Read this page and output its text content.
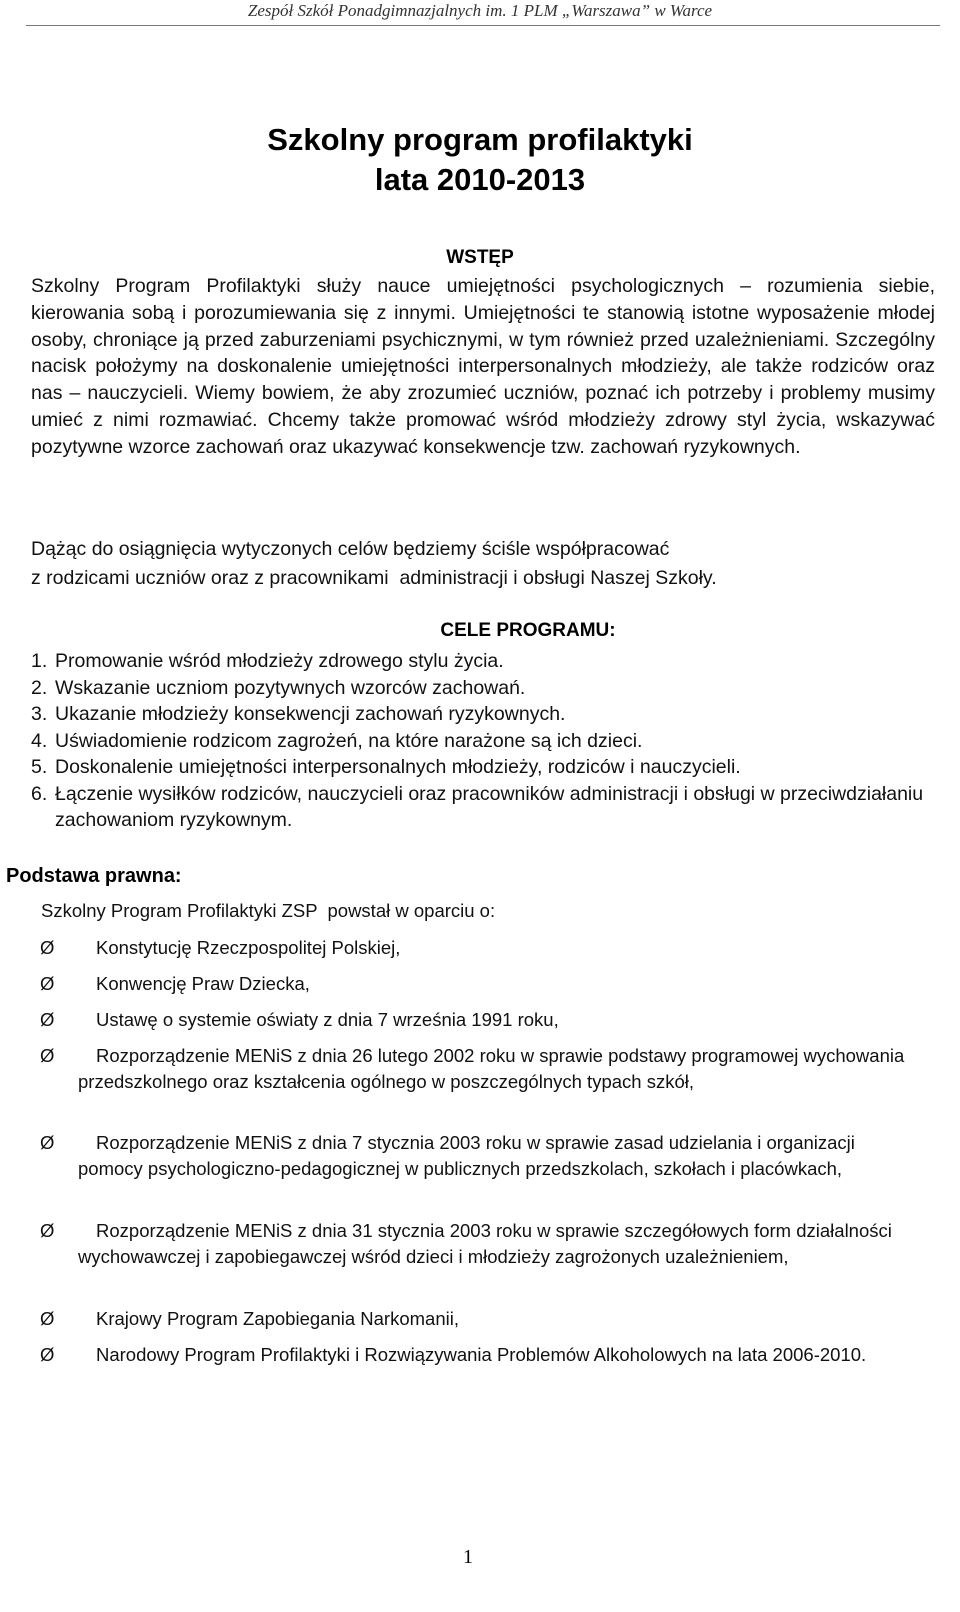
Zespół Szkół Ponadgimnazjalnych im. 1 PLM „Warszawa” w Warce
Szkolny program profilaktyki
lata 2010-2013
WSTĘP
Szkolny Program Profilaktyki służy nauce umiejętności psychologicznych – rozumienia siebie, kierowania sobą i porozumiewania się z innymi. Umiejętności te stanowią istotne wyposażenie młodej osoby, chroniące ją przed zaburzeniami psychicznymi, w tym również przed uzależnieniami. Szczególny nacisk położymy na doskonalenie umiejętności interpersonalnych młodzieży, ale także rodziców oraz nas – nauczycieli. Wiemy bowiem, że aby zrozumieć uczniów, poznać ich potrzeby i problemy musimy umieć z nimi rozmawiać. Chcemy także promować wśród młodzieży zdrowy styl życia, wskazywać pozytywne wzorce zachowań oraz ukazywać konsekwencje tzw. zachowań ryzykownych.
Dążąc do osiągnięcia wytyczonych celów będziemy ściśle współpracować
z rodzicami uczniów oraz z pracownikami  administracji i obsługi Naszej Szkoły.
CELE PROGRAMU:
1. Promowanie wśród młodzieży zdrowego stylu życia.
2. Wskazanie uczniom pozytywnych wzorców zachowań.
3. Ukazanie młodzieży konsekwencji zachowań ryzykownych.
4. Uświadomienie rodzicom zagrożeń, na które narażone są ich dzieci.
5. Doskonalenie umiejętności interpersonalnych młodzieży, rodziców i nauczycieli.
6. Łączenie wysiłków rodziców, nauczycieli oraz pracowników administracji i obsługi w przeciwdziałaniu zachowaniom ryzykownym.
Podstawa prawna:
Szkolny Program Profilaktyki ZSP  powstał w oparciu o:
Ø	Konstytucję Rzeczpospolitej Polskiej,
Ø	Konwencję Praw Dziecka,
Ø	Ustawę o systemie oświaty z dnia 7 września 1991 roku,
Ø	Rozporządzenie MENiS z dnia 26 lutego 2002 roku w sprawie podstawy programowej wychowania przedszkolnego oraz kształcenia ogólnego w poszczególnych typach szkół,
Ø	Rozporządzenie MENiS z dnia 7 stycznia 2003 roku w sprawie zasad udzielania i organizacji pomocy psychologiczno-pedagogicznej w publicznych przedszkolach, szkołach i placówkach,
Ø	Rozporządzenie MENiS z dnia 31 stycznia 2003 roku w sprawie szczegółowych form działalności wychowawczej i zapobiegawczej wśród dzieci i młodzieży zagrożonych uzależnieniem,
Ø	Krajowy Program Zapobiegania Narkomanii,
Ø	Narodowy Program Profilaktyki i Rozwiązywania Problemów Alkoholowych na lata 2006-2010.
1
